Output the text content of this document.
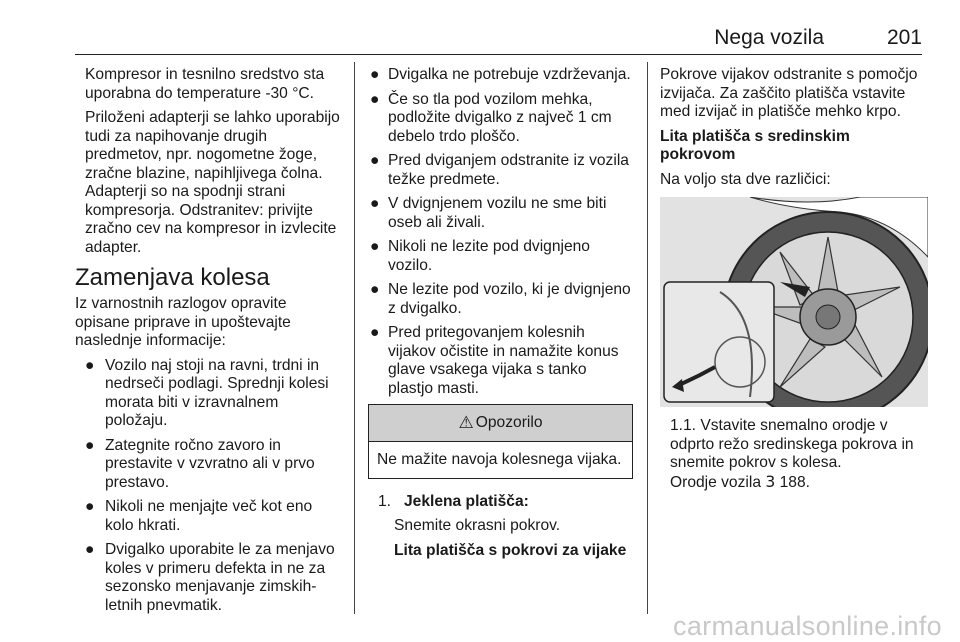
Nega vozila	201

Kompresor in tesnilno sredstvo sta uporabna do temperature -30 °C.

Priloženi adapterji se lahko uporabijo tudi za napihovanje drugih predmetov, npr. nogometne žoge, zračne blazine, napihljivega čolna. Adapterji so na spodnji strani kompresorja. Odstranitev: privijte zračno cev na kompresor in izvlecite adapter.

Zamenjava kolesa

Iz varnostnih razlogov opravite opisane priprave in upoštevajte naslednje informacije:

● Vozilo naj stoji na ravni, trdni in nedrseči podlagi. Sprednji kolesi morata biti v izravnalnem položaju.
● Zategnite ročno zavoro in prestavite v vzvratno ali v prvo prestavo.
● Nikoli ne menjajte več kot eno kolo hkrati.
● Dvigalko uporabite le za menjavo koles v primeru defekta in ne za sezonsko menjavanje zimskih-letnih pnevmatik.
● Dvigalka ne potrebuje vzdrževanja.
● Če so tla pod vozilom mehka, podložite dvigalko z največ 1 cm debelo trdo ploščo.
● Pred dviganjem odstranite iz vozila težke predmete.
● V dvignjenem vozilu ne sme biti oseb ali živali.
● Nikoli ne lezite pod dvignjeno vozilo.
● Ne lezite pod vozilo, ki je dvignjeno z dvigalko.
● Pred pritegovanjem kolesnih vijakov očistite in namažite konus glave vsakega vijaka s tanko plastjo masti.
⚠ Opozorilo
Ne mažite navoja kolesnega vijaka.
1. Jeklena platišča:

Snemite okrasni pokrov.

Lita platišča s pokrovi za vijake

Pokrove vijakov odstranite s pomočjo izvijača. Za zaščito platišča vstavite med izvijač in platišče mehko krpo.

Lita platišča s sredinskim pokrovom

Na voljo sta dve različici:

1.1. Vstavite snemalno orodje v odprto režo sredinskega pokrova in snemite pokrov s kolesa.

Orodje vozila 3 188.

carmanualsonline.info
